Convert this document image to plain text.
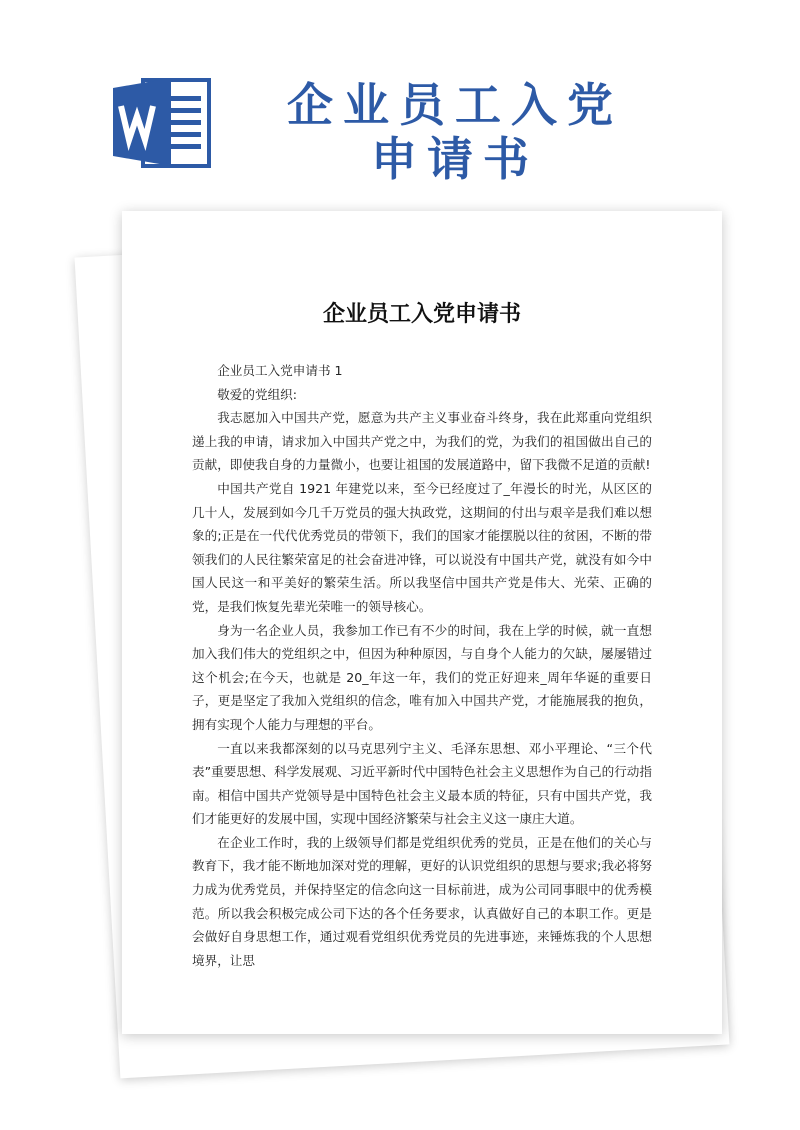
企业员工入党
申请书
企业员工入党申请书

企业员工入党申请书 1

敬爱的党组织:

我志愿加入中国共产党，愿意为共产主义事业奋斗终身，我在此郑重向党组织递上我的申请，请求加入中国共产党之中，为我们的党，为我们的祖国做出自己的贡献，即使我自身的力量微小，也要让祖国的发展道路中，留下我微不足道的贡献!

中国共产党自 1921 年建党以来，至今已经度过了_年漫长的时光，从区区的几十人，发展到如今几千万党员的强大执政党，这期间的付出与艰辛是我们难以想象的;正是在一代代优秀党员的带领下，我们的国家才能摆脱以往的贫困，不断的带领我们的人民往繁荣富足的社会奋进冲锋，可以说没有中国共产党，就没有如今中国人民这一和平美好的繁荣生活。所以我坚信中国共产党是伟大、光荣、正确的党，是我们恢复先辈光荣唯一的领导核心。

身为一名企业人员，我参加工作已有不少的时间，我在上学的时候，就一直想加入我们伟大的党组织之中，但因为种种原因，与自身个人能力的欠缺，屡屡错过这个机会;在今天，也就是 20_年这一年，我们的党正好迎来_周年华诞的重要日子，更是坚定了我加入党组织的信念，唯有加入中国共产党，才能施展我的抱负，拥有实现个人能力与理想的平台。

一直以来我都深刻的以马克思列宁主义、毛泽东思想、邓小平理论、“三个代表”重要思想、科学发展观、习近平新时代中国特色社会主义思想作为自己的行动指南。相信中国共产党领导是中国特色社会主义最本质的特征，只有中国共产党，我们才能更好的发展中国，实现中国经济繁荣与社会主义这一康庄大道。

在企业工作时，我的上级领导们都是党组织优秀的党员，正是在他们的关心与教育下，我才能不断地加深对党的理解，更好的认识党组织的思想与要求;我必将努力成为优秀党员，并保持坚定的信念向这一目标前进，成为公司同事眼中的优秀模范。所以我会积极完成公司下达的各个任务要求，认真做好自己的本职工作。更是会做好自身思想工作，通过观看党组织优秀党员的先进事迹，来锤炼我的个人思想境界，让思
